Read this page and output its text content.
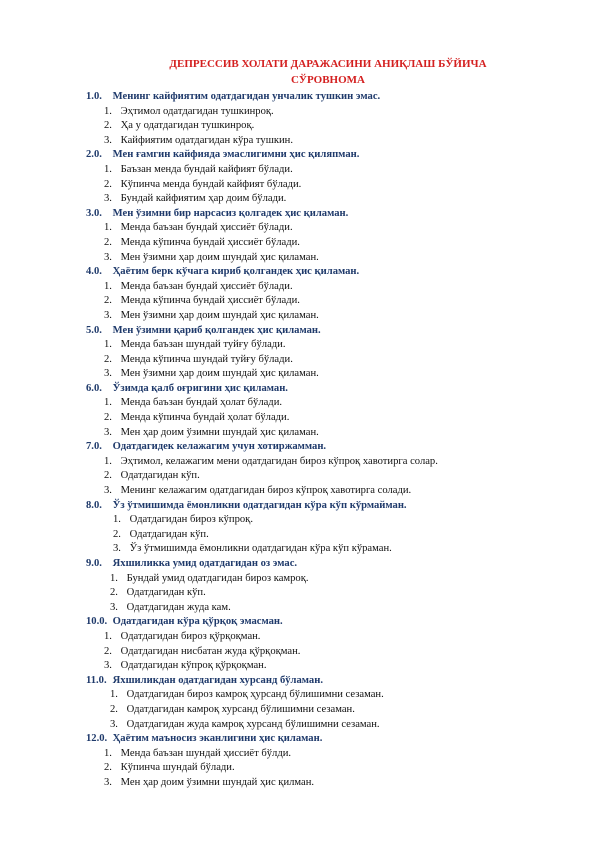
ДЕПРЕССИВ ХОЛАТИ ДАРАЖАСИНИ АНИҚЛАШ БЎЙИЧА
СЎРОВНОМА
1.0. Менинг кайфиятим одатдагидан унчалик тушкин эмас.
1. Эҳтимол одатдагидан тушкинроқ.
2. Ҳа у одатдагидан тушкинроқ.
3. Кайфиятим одатдагидан кўра тушкин.
2.0. Мен ғамгин кайфияда эмаслигимни ҳис қиляпман.
1. Баъзан менда бундай кайфият бўлади.
2. Кўпинча менда бундай кайфият бўлади.
3. Бундай кайфиятим ҳар доим бўлади.
3.0. Мен ўзимни бир нарсасиз қолгадек ҳис қиламан.
1. Менда баъзан бундай ҳиссиёт бўлади.
2. Менда кўпинча бундай ҳиссиёт бўлади.
3. Мен ўзимни ҳар доим шундай ҳис қиламан.
4.0. Ҳаётим берк кўчага кириб қолгандек ҳис қиламан.
1. Менда баъзан бундай ҳиссиёт бўлади.
2. Менда кўпинча бундай ҳиссиёт бўлади.
3. Мен ўзимни ҳар доим шундай ҳис қиламан.
5.0. Мен ўзимни қариб қолгандек ҳис қиламан.
1. Менда баъзан шундай туйғу бўлади.
2. Менда кўпинча шундай туйғу бўлади.
3. Мен ўзимни ҳар доим шундай ҳис қиламан.
6.0. Ўзимда қалб оғригини ҳис қиламан.
1. Менда баъзан бундай ҳолат бўлади.
2. Менда кўпинча бундай ҳолат бўлади.
3. Мен ҳар доим ўзимни шундай ҳис қиламан.
7.0. Одатдагидек келажагим учун хотиржамман.
1. Эҳтимол, келажагим мени одатдагидан бироз кўпроқ хавотирга солар.
2. Одатдагидан кўп.
3. Менинг келажагим одатдагидан бироз кўпроқ хавотирга солади.
8.0. Ўз ўтмишимда ёмонликни одатдагидан кўра кўп кўрмайман.
1. Одатдагидан бироз кўпроқ.
2. Одатдагидан кўп.
3. Ўз ўтмишимда ёмонликни одатдагидан кўра кўп кўраман.
9.0. Яхшиликка умид одатдагидан оз эмас.
1. Бундай умид одатдагидан бироз камроқ.
2. Одатдагидан кўп.
3. Одатдагидан жуда кам.
10.0. Одатдагидан кўра қўрқоқ эмасман.
1. Одатдагидан бироз қўрқоқман.
2. Одатдагидан нисбатан жуда қўрқоқман.
3. Одатдагидан кўпроқ қўрқоқман.
11.0. Яхшиликдан одатдагидан хурсанд бўламан.
1. Одатдагидан бироз камроқ ҳурсанд бўлишимни сезаман.
2. Одатдагидан камроқ хурсанд бўлишимни сезаман.
3. Одатдагидан жуда камроқ хурсанд бўлишимни сезаман.
12.0. Ҳаётим маъносиз эканлигини ҳис қиламан.
1. Менда баъзан шундай ҳиссиёт бўлди.
2. Кўпинча шундай бўлади.
3. Мен ҳар доим ўзимни шундай ҳис қилман.
